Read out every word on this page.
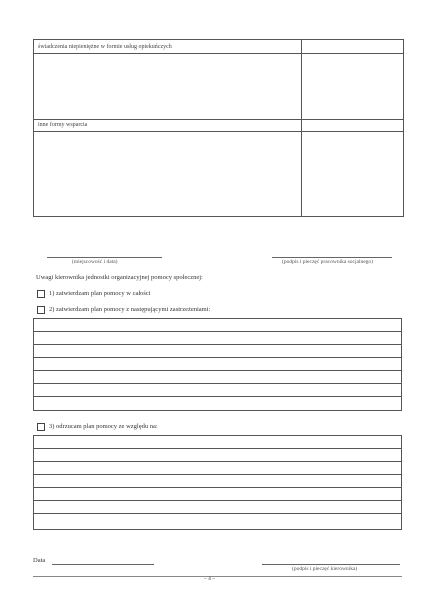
świadczenia niepieniężne w formie usług opiekuńczych
inne formy wsparcia
(miejscowość i data)	(podpis i pieczęć pracownika socjalnego)
Uwagi kierownika jednostki organizacyjnej pomocy społecznej:
1) zatwierdzam plan pomocy w całości
2) zatwierdzam plan pomocy z następującymi zastrzeżeniami:
3) odrzucam plan pomocy ze względu na:
Data
(podpis i pieczęć kierownika)
– 4 –
